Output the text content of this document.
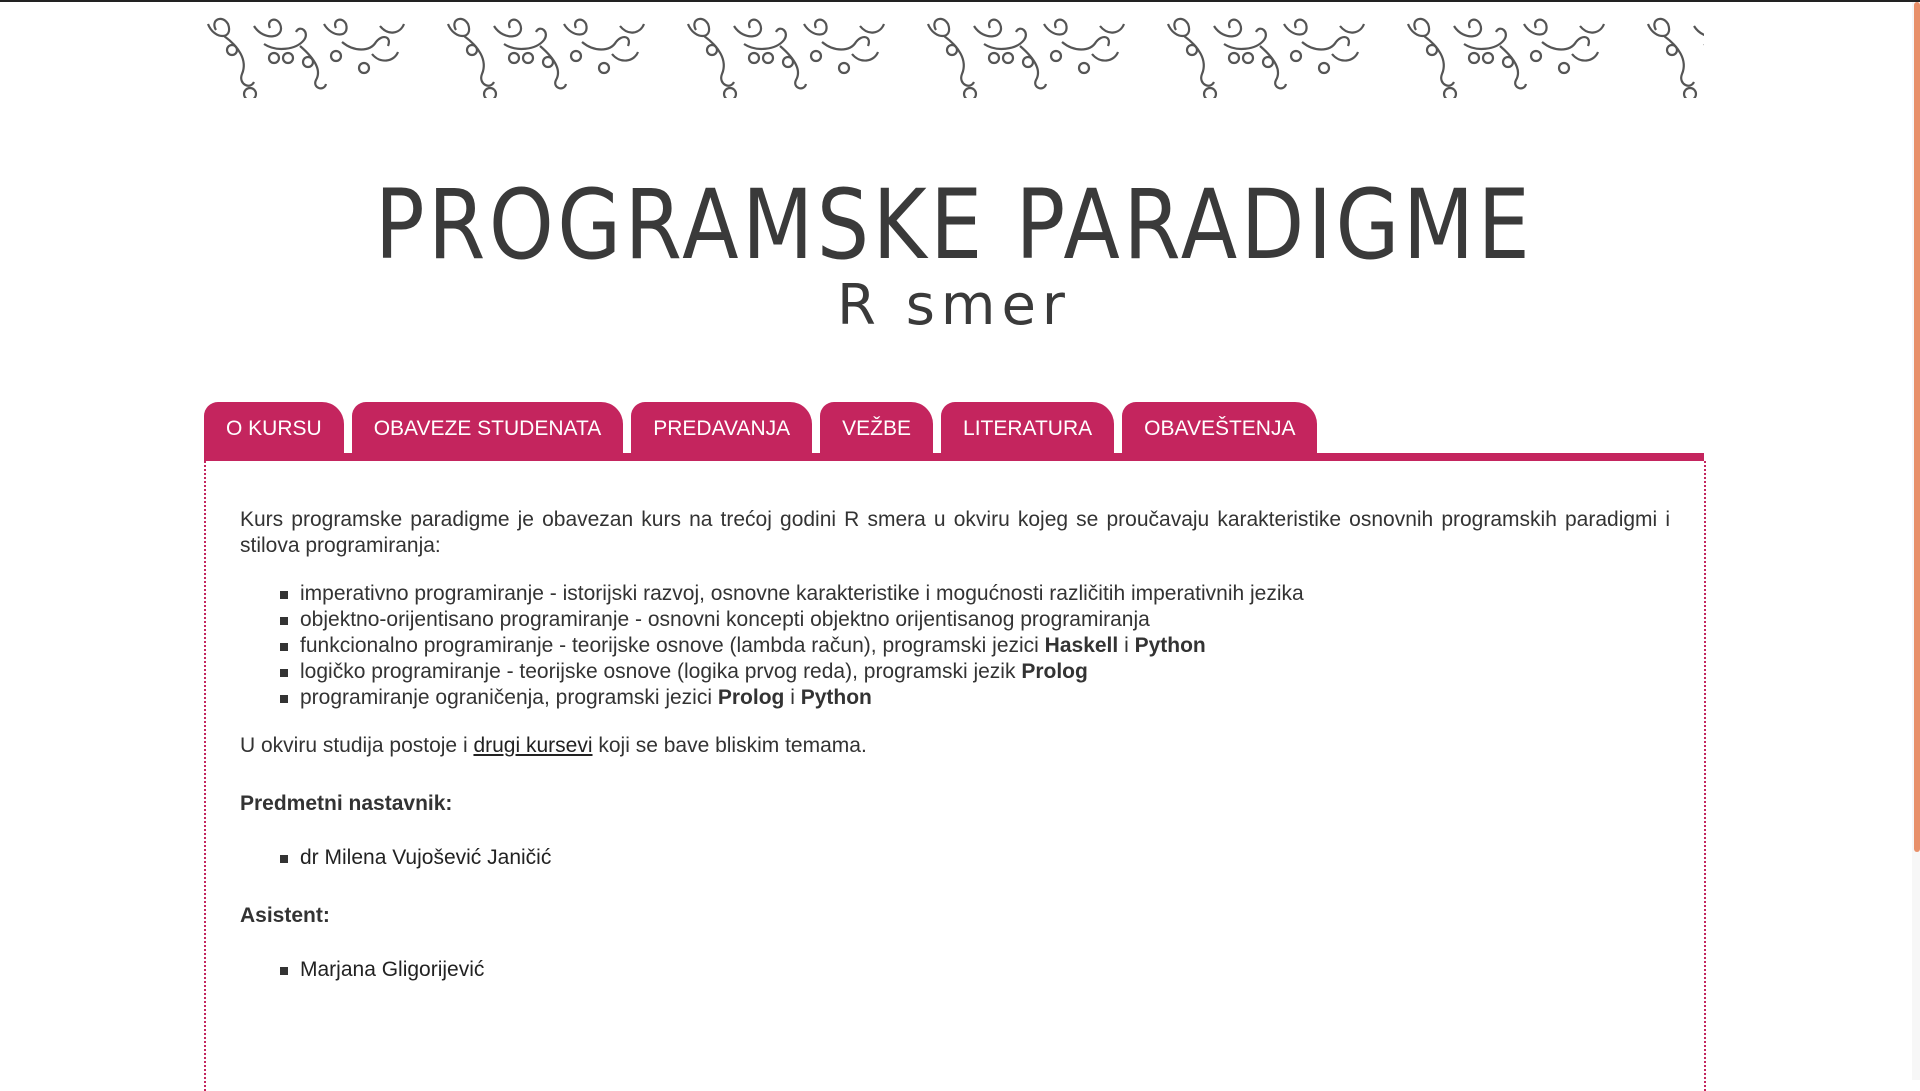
PROGRAMSKE PARADIGME
R smer
O KURSU	OBAVEZE STUDENATA	PREDAVANJA	VEŽBE	LITERATURA	OBAVEŠTENJA

Kurs programske paradigme je obavezan kurs na trećoj godini R smera u okviru kojeg se proučavaju karakteristike osnovnih programskih paradigmi i stilova programiranja:

imperativno programiranje - istorijski razvoj, osnovne karakteristike i mogućnosti različitih imperativnih jezika
objektno-orijentisano programiranje - osnovni koncepti objektno orijentisanog programiranja
funkcionalno programiranje - teorijske osnove (lambda račun), programski jezici Haskell i Python
logičko programiranje - teorijske osnove (logika prvog reda), programski jezik Prolog
programiranje ograničenja, programski jezici Prolog i Python

U okviru studija postoje i drugi kursevi koji se bave bliskim temama.

Predmetni nastavnik:

dr Milena Vujošević Janičić

Asistent:

Marjana Gligorijević
